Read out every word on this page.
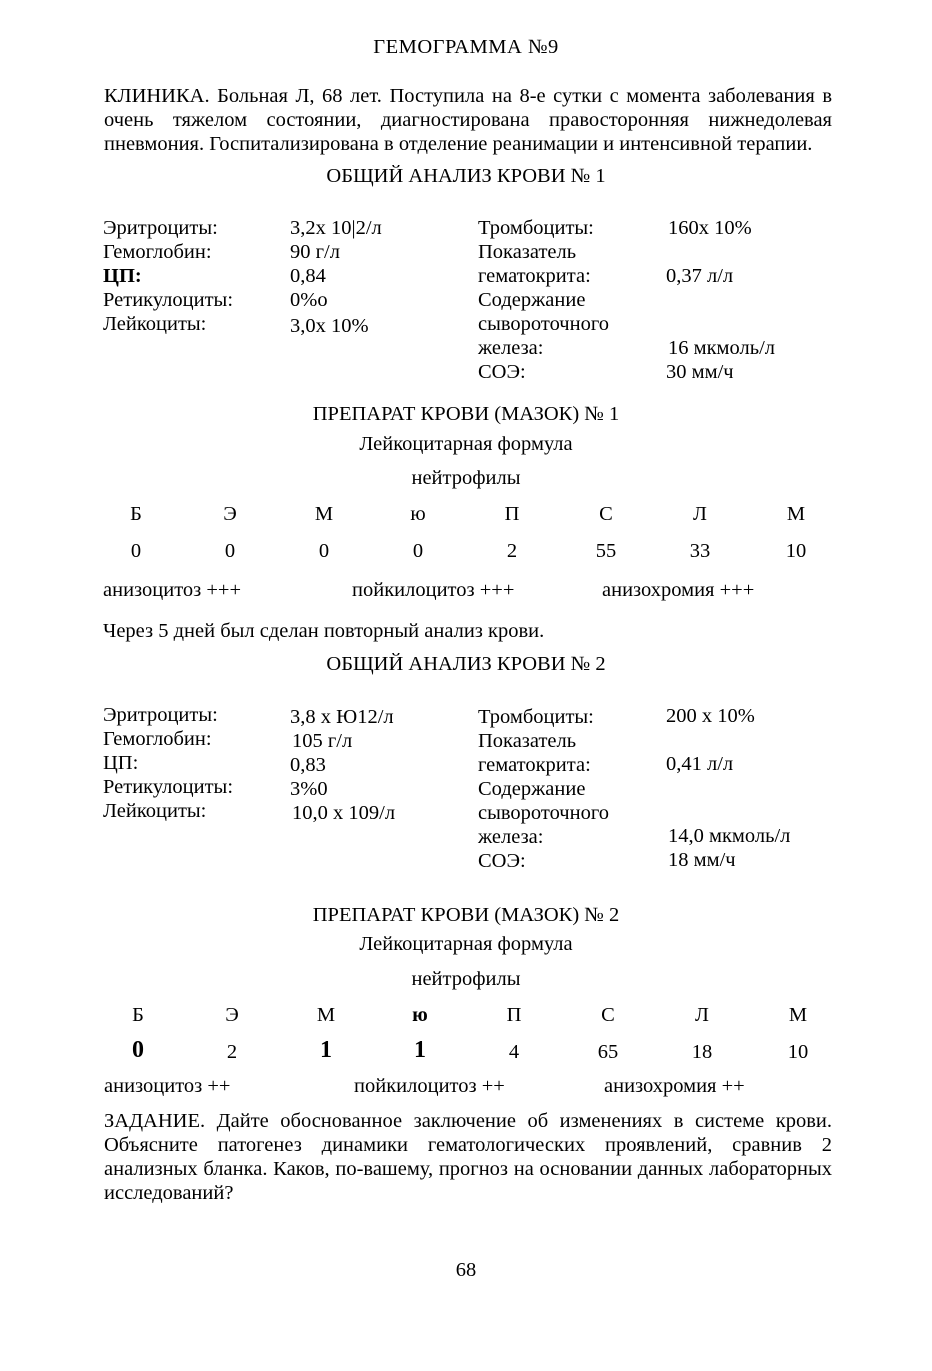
ГЕМОГРАММА №9
КЛИНИКА. Больная Л, 68 лет. Поступила на 8-е сутки с момента заболевания в очень тяжелом состоянии, диагностирована правосторонняя нижнедолевая пневмония. Госпитализирована в отделение реанимации и интенсивной терапии.
ОБЩИЙ АНАЛИЗ КРОВИ № 1
Эритроциты:	3,2х 10|2/л
Гемоглобин:	90 г/л
ЦП:	0,84
Ретикулоциты:	0%о
Лейкоциты:	3,0х 10%
Тромбоциты:	160х 10%
Показатель
гематокрита:	0,37 л/л
Содержание
сывороточного
железа:	16 мкмоль/л
СОЭ:	30 мм/ч
ПРЕПАРАТ КРОВИ (МАЗОК) № 1
Лейкоцитарная формула
нейтрофилы
Б	Э	М	ю	П	С	Л	М
0	0	0	0	2	55	33	10
анизоцитоз +++	пойкилоцитоз +++	анизохромия +++
Через 5 дней был сделан повторный анализ крови.
ОБЩИЙ АНАЛИЗ КРОВИ № 2
Эритроциты:	3,8 х Ю12/л
Гемоглобин:	105 г/л
ЦП:	0,83
Ретикулоциты:	3%0
Лейкоциты:	10,0 х 109/л
Тромбоциты:	200 х 10%
Показатель
гематокрита:	0,41 л/л
Содержание
сывороточного
железа:	14,0 мкмоль/л
СОЭ:	18 мм/ч
ПРЕПАРАТ КРОВИ (МАЗОК) № 2
Лейкоцитарная формула
нейтрофилы
Б	Э	М	ю	П	С	Л	М
0	2	1	1	4	65	18	10
анизоцитоз ++	пойкилоцитоз ++	анизохромия ++
ЗАДАНИЕ. Дайте обоснованное заключение об изменениях в системе крови. Объясните патогенез динамики гематологических проявлений, сравнив 2 анализных бланка. Каков, по-вашему, прогноз на основании данных лабораторных исследований?
68
